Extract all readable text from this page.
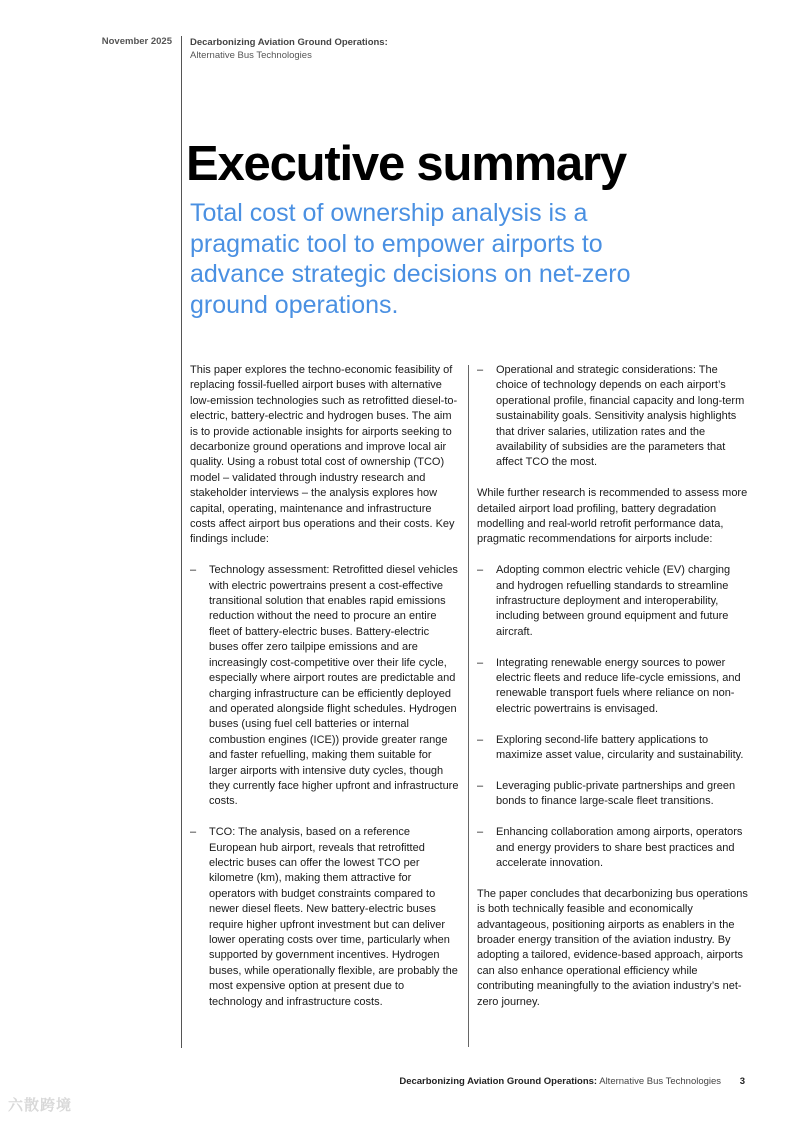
November 2025 Decarbonizing Aviation Ground Operations:
Alternative Bus Technologies
Executive summary

Total cost of ownership analysis is a pragmatic tool to empower airports to advance strategic decisions on net-zero ground operations.

This paper explores the techno-economic feasibility of replacing fossil-fuelled airport buses with alternative low-emission technologies such as retrofitted diesel-to-electric, battery-electric and hydrogen buses. The aim is to provide actionable insights for airports seeking to decarbonize ground operations and improve local air quality. Using a robust total cost of ownership (TCO) model – validated through industry research and stakeholder interviews – the analysis explores how capital, operating, maintenance and infrastructure costs affect airport bus operations and their costs. Key findings include:

– Technology assessment: Retrofitted diesel vehicles with electric powertrains present a cost-effective transitional solution that enables rapid emissions reduction without the need to procure an entire fleet of battery-electric buses. Battery-electric buses offer zero tailpipe emissions and are increasingly cost-competitive over their life cycle, especially where airport routes are predictable and charging infrastructure can be efficiently deployed and operated alongside flight schedules. Hydrogen buses (using fuel cell batteries or internal combustion engines (ICE)) provide greater range and faster refuelling, making them suitable for larger airports with intensive duty cycles, though they currently face higher upfront and infrastructure costs.
– TCO: The analysis, based on a reference European hub airport, reveals that retrofitted electric buses can offer the lowest TCO per kilometre (km), making them attractive for operators with budget constraints compared to newer diesel fleets. New battery-electric buses require higher upfront investment but can deliver lower operating costs over time, particularly when supported by government incentives. Hydrogen buses, while operationally flexible, are probably the most expensive option at present due to technology and infrastructure costs.
– Operational and strategic considerations: The choice of technology depends on each airport’s operational profile, financial capacity and long-term sustainability goals. Sensitivity analysis highlights that driver salaries, utilization rates and the availability of subsidies are the parameters that affect TCO the most.

While further research is recommended to assess more detailed airport load profiling, battery degradation modelling and real-world retrofit performance data, pragmatic recommendations for airports include:

– Adopting common electric vehicle (EV) charging and hydrogen refuelling standards to streamline infrastructure deployment and interoperability, including between ground equipment and future aircraft.
– Integrating renewable energy sources to power electric fleets and reduce life-cycle emissions, and renewable transport fuels where reliance on non-electric powertrains is envisaged.
– Exploring second-life battery applications to maximize asset value, circularity and sustainability.
– Leveraging public-private partnerships and green bonds to finance large-scale fleet transitions.
– Enhancing collaboration among airports, operators and energy providers to share best practices and accelerate innovation.

The paper concludes that decarbonizing bus operations is both technically feasible and economically advantageous, positioning airports as enablers in the broader energy transition of the aviation industry. By adopting a tailored, evidence-based approach, airports can also enhance operational efficiency while contributing meaningfully to the aviation industry’s net-zero journey.

Decarbonizing Aviation Ground Operations: Alternative Bus Technologies 3
六散跨境
